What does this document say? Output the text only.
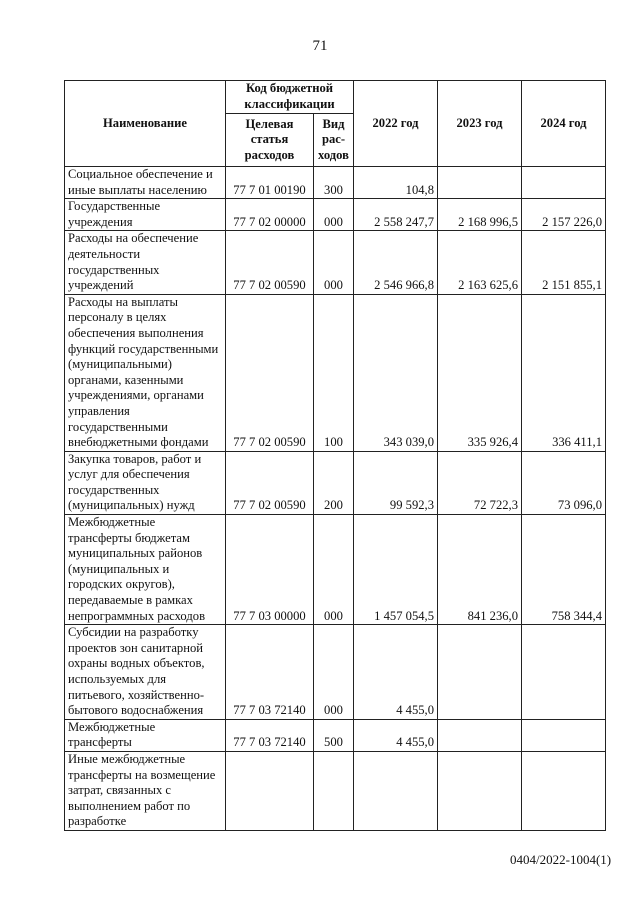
71
Наименование	Код бюджетной классификации		2022 год	2023 год	2024 год
	Целевая статья расходов	Вид рас-ходов			
Социальное обеспечение и иные выплаты населению	77 7 01 00190	300	104,8		
Государственные учреждения	77 7 02 00000	000	2 558 247,7	2 168 996,5	2 157 226,0
Расходы на обеспечение деятельности государственных учреждений	77 7 02 00590	000	2 546 966,8	2 163 625,6	2 151 855,1
Расходы на выплаты персоналу в целях обеспечения выполнения функций государственными (муниципальными) органами, казенными учреждениями, органами управления государственными внебюджетными фондами	77 7 02 00590	100	343 039,0	335 926,4	336 411,1
Закупка товаров, работ и услуг для обеспечения государственных (муниципальных) нужд	77 7 02 00590	200	99 592,3	72 722,3	73 096,0
Межбюджетные трансферты бюджетам муниципальных районов (муниципальных и городских округов), передаваемые в рамках непрограммных расходов	77 7 03 00000	000	1 457 054,5	841 236,0	758 344,4
Субсидии на разработку проектов зон санитарной охраны водных объектов, используемых для питьевого, хозяйственно-бытового водоснабжения	77 7 03 72140	000	4 455,0		
Межбюджетные трансферты	77 7 03 72140	500	4 455,0		
Иные межбюджетные трансферты на возмещение затрат, связанных с выполнением работ по разработке					
0404/2022-1004(1)
